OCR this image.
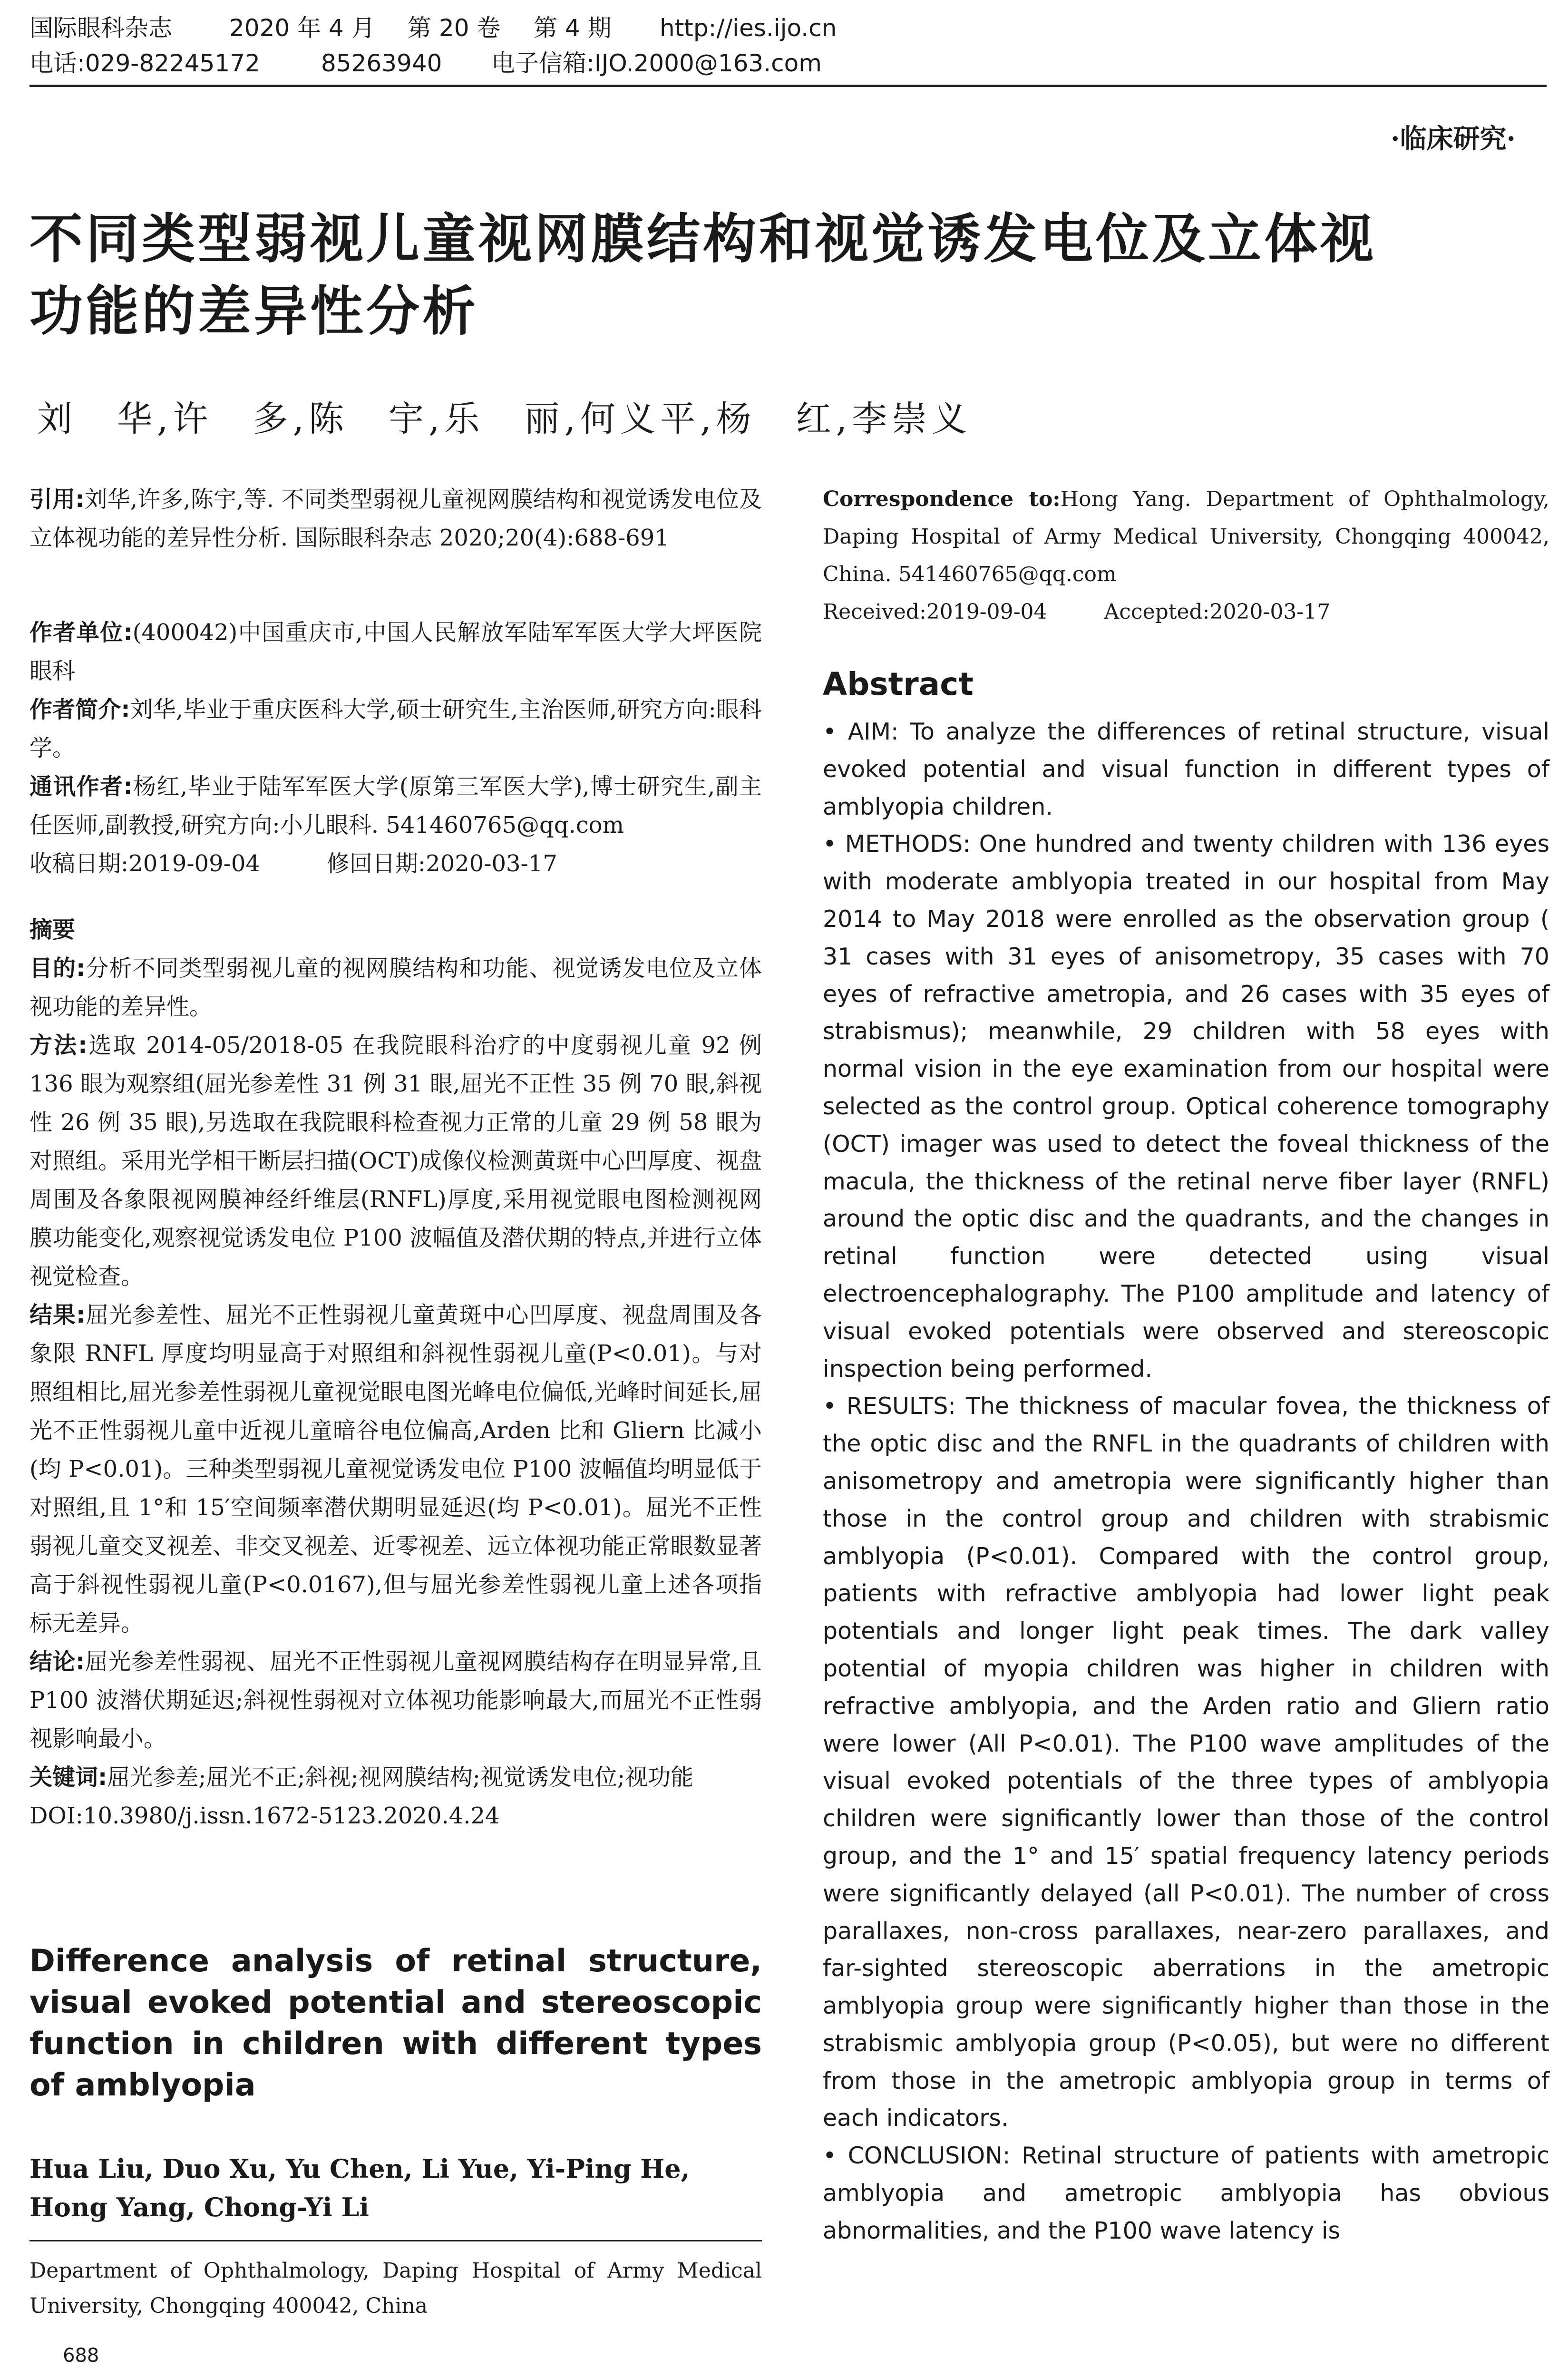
国际眼科杂志 2020 年 4 月 第 20 卷 第 4 期 http://ies.ijo.cn
电话:029-82245172	85263940 电子信箱:IJO.2000@163.com
·临床研究·
不同类型弱视儿童视网膜结构和视觉诱发电位及立体视
功能的差异性分析
刘　华,许　多,陈　宇,乐　丽,何义平,杨　红,李崇义

引用:刘华,许多,陈宇,等. 不同类型弱视儿童视网膜结构和视觉诱发电位及立体视功能的差异性分析. 国际眼科杂志 2020;20(4):688-691

作者单位:(400042)中国重庆市,中国人民解放军陆军军医大学大坪医院眼科

作者简介:刘华,毕业于重庆医科大学,硕士研究生,主治医师,研究方向:眼科学。

通讯作者:杨红,毕业于陆军军医大学(原第三军医大学),博士研究生,副主任医师,副教授,研究方向:小儿眼科. 541460765@qq.com

收稿日期:2019-09-04	修回日期:2020-03-17

摘要

目的:分析不同类型弱视儿童的视网膜结构和功能、视觉诱发电位及立体视功能的差异性。

方法:选取 2014-05/2018-05 在我院眼科治疗的中度弱视儿童 92 例 136 眼为观察组(屈光参差性 31 例 31 眼,屈光不正性 35 例 70 眼,斜视性 26 例 35 眼),另选取在我院眼科检查视力正常的儿童 29 例 58 眼为对照组。采用光学相干断层扫描(OCT)成像仪检测黄斑中心凹厚度、视盘周围及各象限视网膜神经纤维层(RNFL)厚度,采用视觉眼电图检测视网膜功能变化,观察视觉诱发电位 P100 波幅值及潜伏期的特点,并进行立体视觉检查。

结果:屈光参差性、屈光不正性弱视儿童黄斑中心凹厚度、视盘周围及各象限 RNFL 厚度均明显高于对照组和斜视性弱视儿童(P<0.01)。与对照组相比,屈光参差性弱视儿童视觉眼电图光峰电位偏低,光峰时间延长,屈光不正性弱视儿童中近视儿童暗谷电位偏高,Arden 比和 Gliern 比减小(均 P<0.01)。三种类型弱视儿童视觉诱发电位 P100 波幅值均明显低于对照组,且 1°和 15′空间频率潜伏期明显延迟(均 P<0.01)。屈光不正性弱视儿童交叉视差、非交叉视差、近零视差、远立体视功能正常眼数显著高于斜视性弱视儿童(P<0.0167),但与屈光参差性弱视儿童上述各项指标无差异。

结论:屈光参差性弱视、屈光不正性弱视儿童视网膜结构存在明显异常,且 P100 波潜伏期延迟;斜视性弱视对立体视功能影响最大,而屈光不正性弱视影响最小。

关键词:屈光参差;屈光不正;斜视;视网膜结构;视觉诱发电位;视功能

DOI:10.3980/j.issn.1672-5123.2020.4.24

Difference analysis of retinal structure, visual evoked potential and stereoscopic function in children with different types of amblyopia
Hua Liu, Duo Xu, Yu Chen, Li Yue, Yi-Ping He, Hong Yang, Chong-Yi Li
Department of Ophthalmology, Daping Hospital of Army Medical University, Chongqing 400042, China
688

Correspondence to:Hong Yang. Department of Ophthalmology, Daping Hospital of Army Medical University, Chongqing 400042, China. 541460765@qq.com

Received:2019-09-04	Accepted:2020-03-17

Abstract

• AIM: To analyze the differences of retinal structure, visual evoked potential and visual function in different types of amblyopia children.

• METHODS: One hundred and twenty children with 136 eyes with moderate amblyopia treated in our hospital from May 2014 to May 2018 were enrolled as the observation group ( 31 cases with 31 eyes of anisometropy, 35 cases with 70 eyes of refractive ametropia, and 26 cases with 35 eyes of strabismus); meanwhile, 29 children with 58 eyes with normal vision in the eye examination from our hospital were selected as the control group. Optical coherence tomography (OCT) imager was used to detect the foveal thickness of the macula, the thickness of the retinal nerve fiber layer (RNFL) around the optic disc and the quadrants, and the changes in retinal function were detected using visual electroencephalography. The P100 amplitude and latency of visual evoked potentials were observed and stereoscopic inspection being performed.

• RESULTS: The thickness of macular fovea, the thickness of the optic disc and the RNFL in the quadrants of children with anisometropy and ametropia were significantly higher than those in the control group and children with strabismic amblyopia (P<0.01). Compared with the control group, patients with refractive amblyopia had lower light peak potentials and longer light peak times. The dark valley potential of myopia children was higher in children with refractive amblyopia, and the Arden ratio and Gliern ratio were lower (All P<0.01). The P100 wave amplitudes of the visual evoked potentials of the three types of amblyopia children were significantly lower than those of the control group, and the 1° and 15′ spatial frequency latency periods were significantly delayed (all P<0.01). The number of cross parallaxes, non-cross parallaxes, near-zero parallaxes, and far-sighted stereoscopic aberrations in the ametropic amblyopia group were significantly higher than those in the strabismic amblyopia group (P<0.05), but were no different from those in the ametropic amblyopia group in terms of each indicators.

• CONCLUSION: Retinal structure of patients with ametropic amblyopia and ametropic amblyopia has obvious abnormalities, and the P100 wave latency is
